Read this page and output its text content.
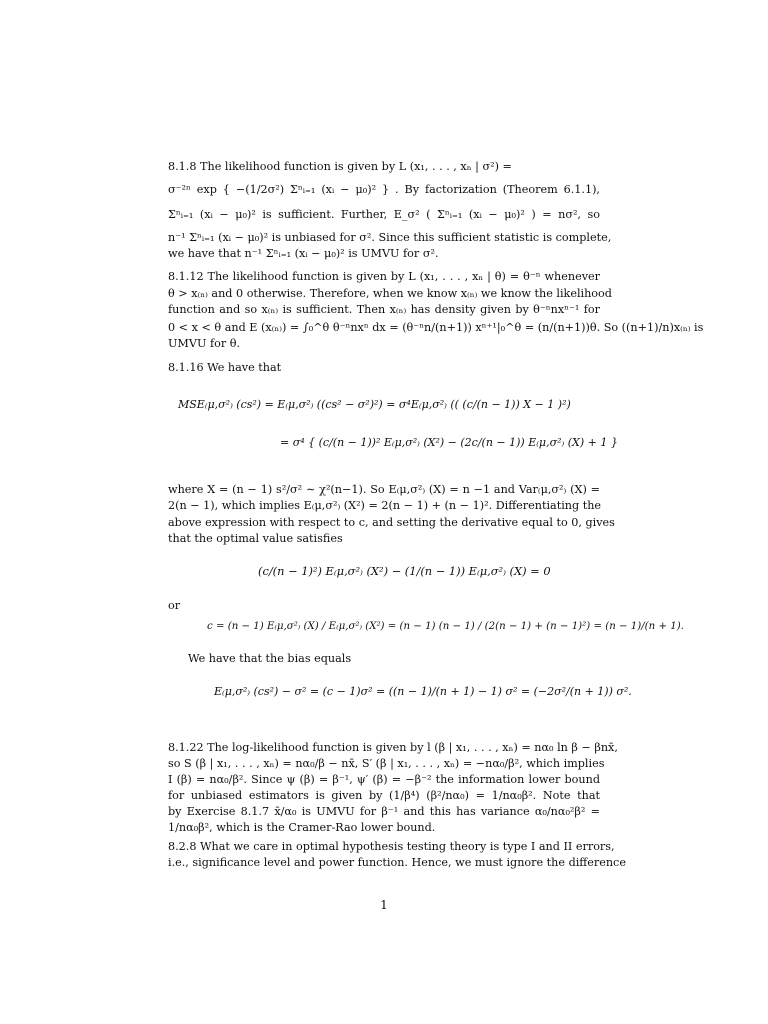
8.1.8 The likelihood function is given by L (x₁, . . . , xₙ | σ²) =

σ⁻²ⁿ exp { −(1/2σ²) Σⁿᵢ₌₁ (xᵢ − μ₀)² } . By factorization (Theorem 6.1.1),

Σⁿᵢ₌₁ (xᵢ − μ₀)² is sufficient. Further, E_σ² ( Σⁿᵢ₌₁ (xᵢ − μ₀)² ) = nσ², so

n⁻¹ Σⁿᵢ₌₁ (xᵢ − μ₀)² is unbiased for σ². Since this sufficient statistic is complete,

we have that n⁻¹ Σⁿᵢ₌₁ (xᵢ − μ₀)² is UMVU for σ².

8.1.12 The likelihood function is given by L (x₁, . . . , xₙ | θ) = θ⁻ⁿ whenever

θ > x₍ₙ₎ and 0 otherwise. Therefore, when we know x₍ₙ₎ we know the likelihood

function and so x₍ₙ₎ is sufficient. Then x₍ₙ₎ has density given by θ⁻ⁿnxⁿ⁻¹ for

0 < x < θ and E (x₍ₙ₎) = ∫₀^θ θ⁻ⁿnxⁿ dx = (θ⁻ⁿn/(n+1)) xⁿ⁺¹|₀^θ = (n/(n+1))θ. So ((n+1)/n)x₍ₙ₎ is

UMVU for θ.

8.1.16 We have that

MSE₍μ,σ²₎ (cs²) = E₍μ,σ²₎ ((cs² − σ²)²) = σ⁴E₍μ,σ²₎ (( (c/(n − 1)) X − 1 )²)

= σ⁴ { (c/(n − 1))² E₍μ,σ²₎ (X²) − (2c/(n − 1)) E₍μ,σ²₎ (X) + 1 }

where X = (n − 1) s²/σ² ∼ χ²(n−1). So E₍μ,σ²₎ (X) = n −1 and Var₍μ,σ²₎ (X) =

2(n − 1), which implies E₍μ,σ²₎ (X²) = 2(n − 1) + (n − 1)². Differentiating the

above expression with respect to c, and setting the derivative equal to 0, gives

that the optimal value satisfies

(c/(n − 1)²) E₍μ,σ²₎ (X²) − (1/(n − 1)) E₍μ,σ²₎ (X) = 0

or

c = (n − 1) E₍μ,σ²₎ (X) / E₍μ,σ²₎ (X²) = (n − 1) (n − 1) / (2(n − 1) + (n − 1)²) = (n − 1)/(n + 1).

We have that the bias equals

E₍μ,σ²₎ (cs²) − σ² = (c − 1)σ² = ((n − 1)/(n + 1) − 1) σ² = (−2σ²/(n + 1)) σ².

8.1.22 The log-likelihood function is given by l (β | x₁, . . . , xₙ) = nα₀ ln β − βnx̄,

so S (β | x₁, . . . , xₙ) = nα₀/β − nx̄, S′ (β | x₁, . . . , xₙ) = −nα₀/β², which implies

I (β) = nα₀/β². Since ψ (β) = β⁻¹, ψ′ (β) = −β⁻² the information lower bound

for unbiased estimators is given by (1/β⁴) (β²/nα₀) = 1/nα₀β². Note that

by Exercise 8.1.7 x̄/α₀ is UMVU for β⁻¹ and this has variance α₀/nα₀²β² =

1/nα₀β², which is the Cramer-Rao lower bound.

8.2.8 What we care in optimal hypothesis testing theory is type I and II errors,

i.e., significance level and power function. Hence, we must ignore the difference

1
